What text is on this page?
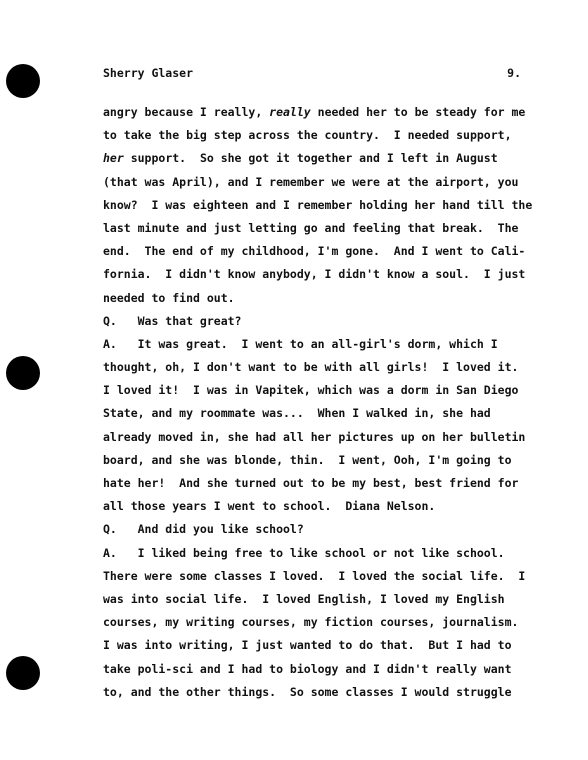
Sherry Glaser	9.
angry because I really, really needed her to be steady for me
to take the big step across the country.  I needed support,
her support.  So she got it together and I left in August
(that was April), and I remember we were at the airport, you
know?  I was eighteen and I remember holding her hand till the
last minute and just letting go and feeling that break.  The
end.  The end of my childhood, I'm gone.  And I went to Cali-
fornia.  I didn't know anybody, I didn't know a soul.  I just
needed to find out.
Q.   Was that great?
A.   It was great.  I went to an all-girl's dorm, which I
thought, oh, I don't want to be with all girls!  I loved it.
I loved it!  I was in Vapitek, which was a dorm in San Diego
State, and my roommate was...  When I walked in, she had
already moved in, she had all her pictures up on her bulletin
board, and she was blonde, thin.  I went, Ooh, I'm going to
hate her!  And she turned out to be my best, best friend for
all those years I went to school.  Diana Nelson.
Q.   And did you like school?
A.   I liked being free to like school or not like school.
There were some classes I loved.  I loved the social life.  I
was into social life.  I loved English, I loved my English
courses, my writing courses, my fiction courses, journalism.
I was into writing, I just wanted to do that.  But I had to
take poli-sci and I had to biology and I didn't really want
to, and the other things.  So some classes I would struggle
